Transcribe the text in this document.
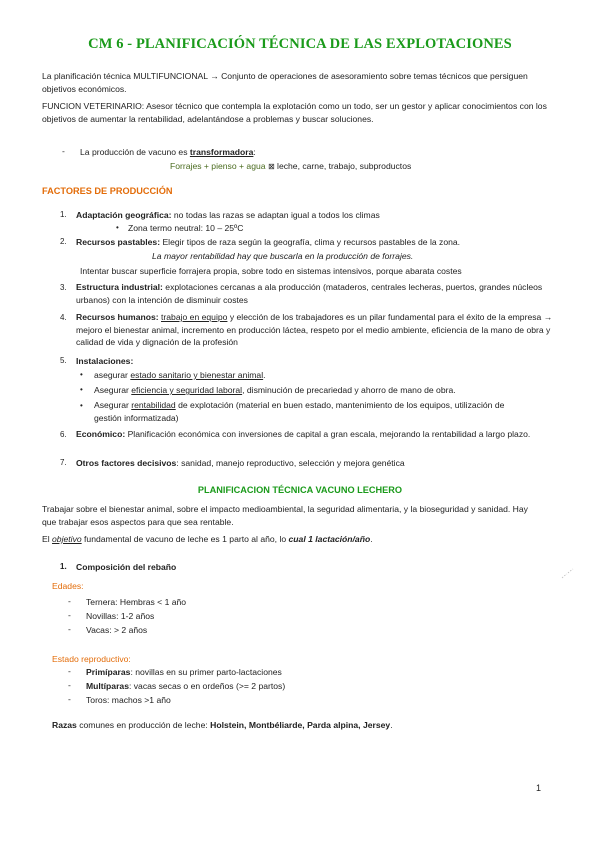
CM 6 - PLANIFICACIÓN TÉCNICA DE LAS EXPLOTACIONES

La planificación técnica MULTIFUNCIONAL → Conjunto de operaciones de asesoramiento sobre temas técnicos que persiguen objetivos económicos.

FUNCION VETERINARIO: Asesor técnico que contempla la explotación como un todo, ser un gestor y aplicar conocimientos con los objetivos de aumentar la rentabilidad, adelantándose a problemas y buscar soluciones.

- La producción de vacuno es transformadora:
Forrajes + pienso + agua ⊠ leche, carne, trabajo, subproductos
FACTORES DE PRODUCCIÓN
1.	Adaptación geográfica: no todas las razas se adaptan igual a todos los climas
• Zona termo neutral: 10 – 25ºC
2.	Recursos pastables: Elegir tipos de raza según la geografía, clima y recursos pastables de la zona.
La mayor rentabilidad hay que buscarla en la producción de forrajes.
Intentar buscar superficie forrajera propia, sobre todo en sistemas intensivos, porque abarata costes
3.	Estructura industrial: explotaciones cercanas a ala producción (mataderos, centrales lecheras, puertos, grandes núcleos urbanos) con la intención de disminuir costes

4.	Recursos humanos: trabajo en equipo y elección de los trabajadores es un pilar fundamental para el éxito de la empresa → mejoro el bienestar animal, incremento en producción láctea, respeto por el medio ambiente, eficiencia de la mano de obra y calidad de vida y dignación de la profesión

5.	Instalaciones:
• asegurar estado sanitario y bienestar animal.
• Asegurar eficiencia y seguridad laboral, disminución de precariedad y ahorro de mano de obra.
• Asegurar rentabilidad de explotación (material en buen estado, mantenimiento de los equipos, utilización de gestión informatizada)

6.	Económico: Planificación económica con inversiones de capital a gran escala, mejorando la rentabilidad a largo plazo.

7.	Otros factores decisivos: sanidad, manejo reproductivo, selección y mejora genética
PLANIFICACION TÉCNICA VACUNO LECHERO

Trabajar sobre el bienestar animal, sobre el impacto medioambiental, la seguridad alimentaria, y la bioseguridad y sanidad. Hay que trabajar esos aspectos para que sea rentable.

El objetivo fundamental de vacuno de leche es 1 parto al año, lo cual 1 lactación/año.
1.	Composición del rebaño
Edades:
- Ternera: Hembras < 1 año
- Novillas: 1-2 años
- Vacas: > 2 años
Estado reproductivo:
- Primíparas: novillas en su primer parto-lactaciones
- Multíparas: vacas secas o en ordeños (>= 2 partos)
- Toros: machos >1 año
Razas comunes en producción de leche: Holstein, Montbéliarde, Parda alpina, Jersey.
1
